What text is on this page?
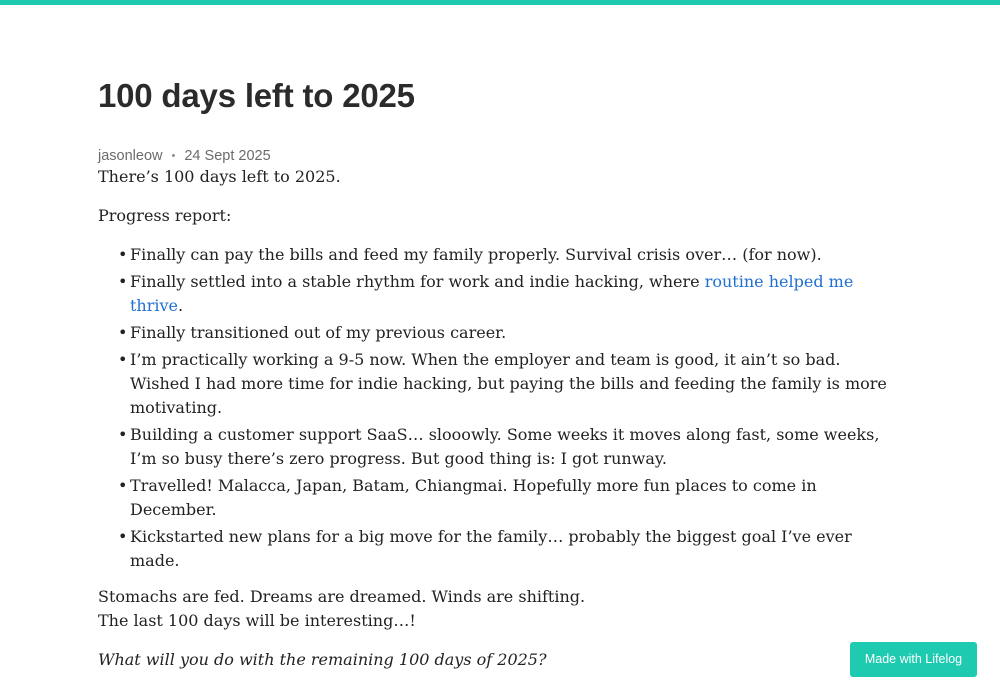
100 days left to 2025
jasonleow • 24 Sept 2025

There’s 100 days left to 2025.

Progress report:

• Finally can pay the bills and feed my family properly. Survival crisis over… (for now).
• Finally settled into a stable rhythm for work and indie hacking, where routine helped me thrive.
• Finally transitioned out of my previous career.
• I’m practically working a 9-5 now. When the employer and team is good, it ain’t so bad. Wished I had more time for indie hacking, but paying the bills and feeding the family is more motivating.
• Building a customer support SaaS… slooowly. Some weeks it moves along fast, some weeks, I’m so busy there’s zero progress. But good thing is: I got runway.
• Travelled! Malacca, Japan, Batam, Chiangmai. Hopefully more fun places to come in December.
• Kickstarted new plans for a big move for the family… probably the biggest goal I’ve ever made.

Stomachs are fed. Dreams are dreamed. Winds are shifting.
The last 100 days will be interesting…!

What will you do with the remaining 100 days of 2025?	Made with Lifelog
